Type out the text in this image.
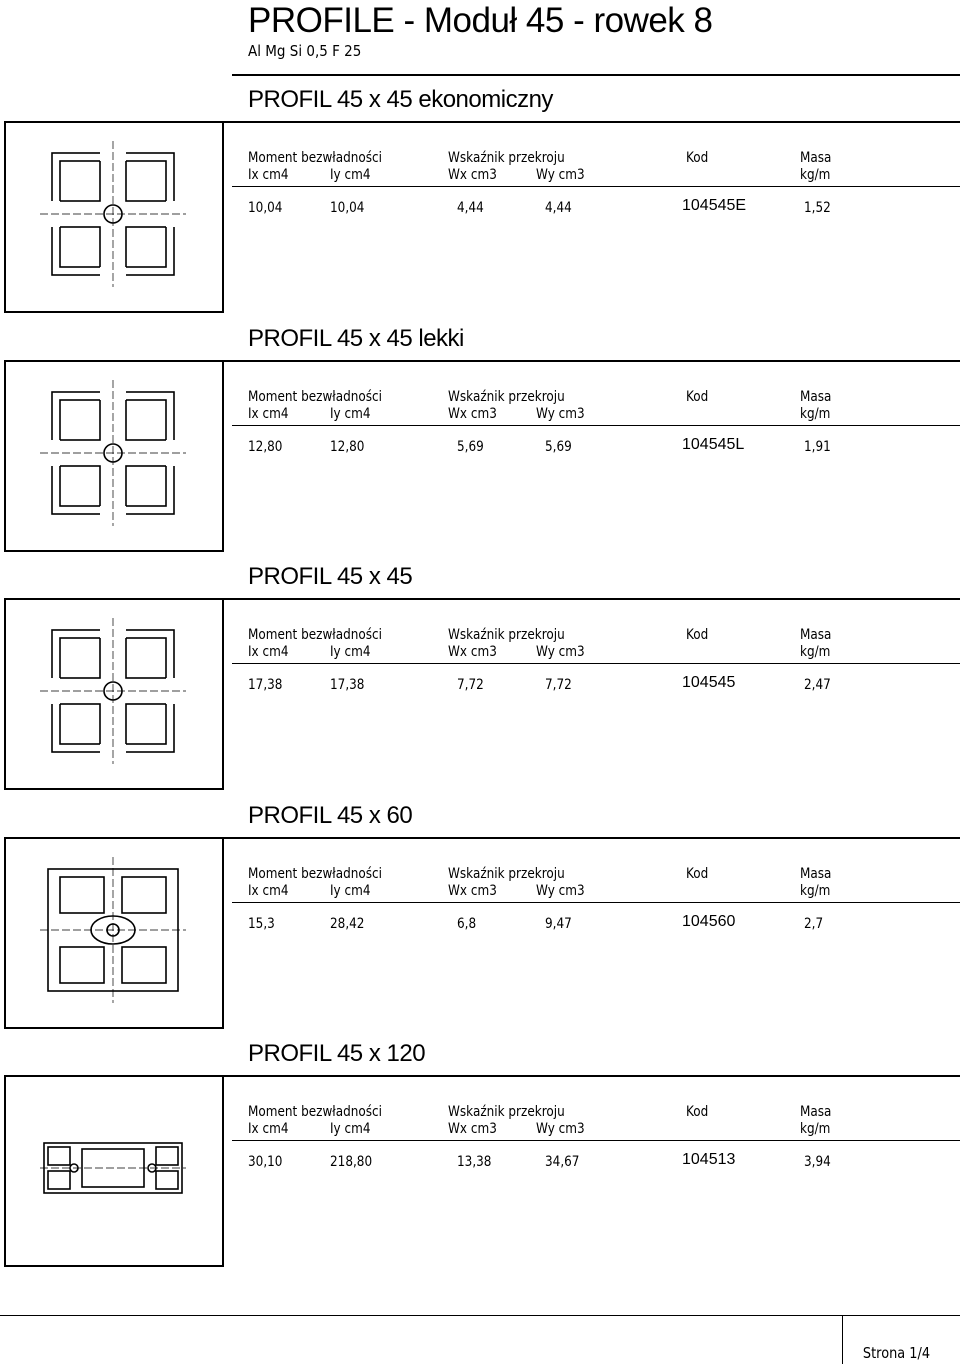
PROFILE - Moduł 45 - rowek 8
Al Mg Si 0,5 F 25
PROFIL 45 x 45 ekonomiczny
Moment bezwładności	Wskaźnik przekroju	Kod	Masa
Ix cm4	Iy cm4	Wx cm3	Wy cm3	kg/m
10,04	10,04	4,44	4,44	104545E	1,52
PROFIL 45 x 45 lekki
Moment bezwładności	Wskaźnik przekroju	Kod	Masa
Ix cm4	Iy cm4	Wx cm3	Wy cm3	kg/m
12,80	12,80	5,69	5,69	104545L	1,91
PROFIL 45 x 45
Moment bezwładności	Wskaźnik przekroju	Kod	Masa
Ix cm4	Iy cm4	Wx cm3	Wy cm3	kg/m
17,38	17,38	7,72	7,72	104545	2,47
PROFIL 45 x 60
Moment bezwładności	Wskaźnik przekroju	Kod	Masa
Ix cm4	Iy cm4	Wx cm3	Wy cm3	kg/m
15,3	28,42	6,8	9,47	104560	2,7
PROFIL 45 x 120
Moment bezwładności	Wskaźnik przekroju	Kod	Masa
Ix cm4	Iy cm4	Wx cm3	Wy cm3	kg/m
30,10	218,80	13,38	34,67	104513	3,94
Strona 1/4
